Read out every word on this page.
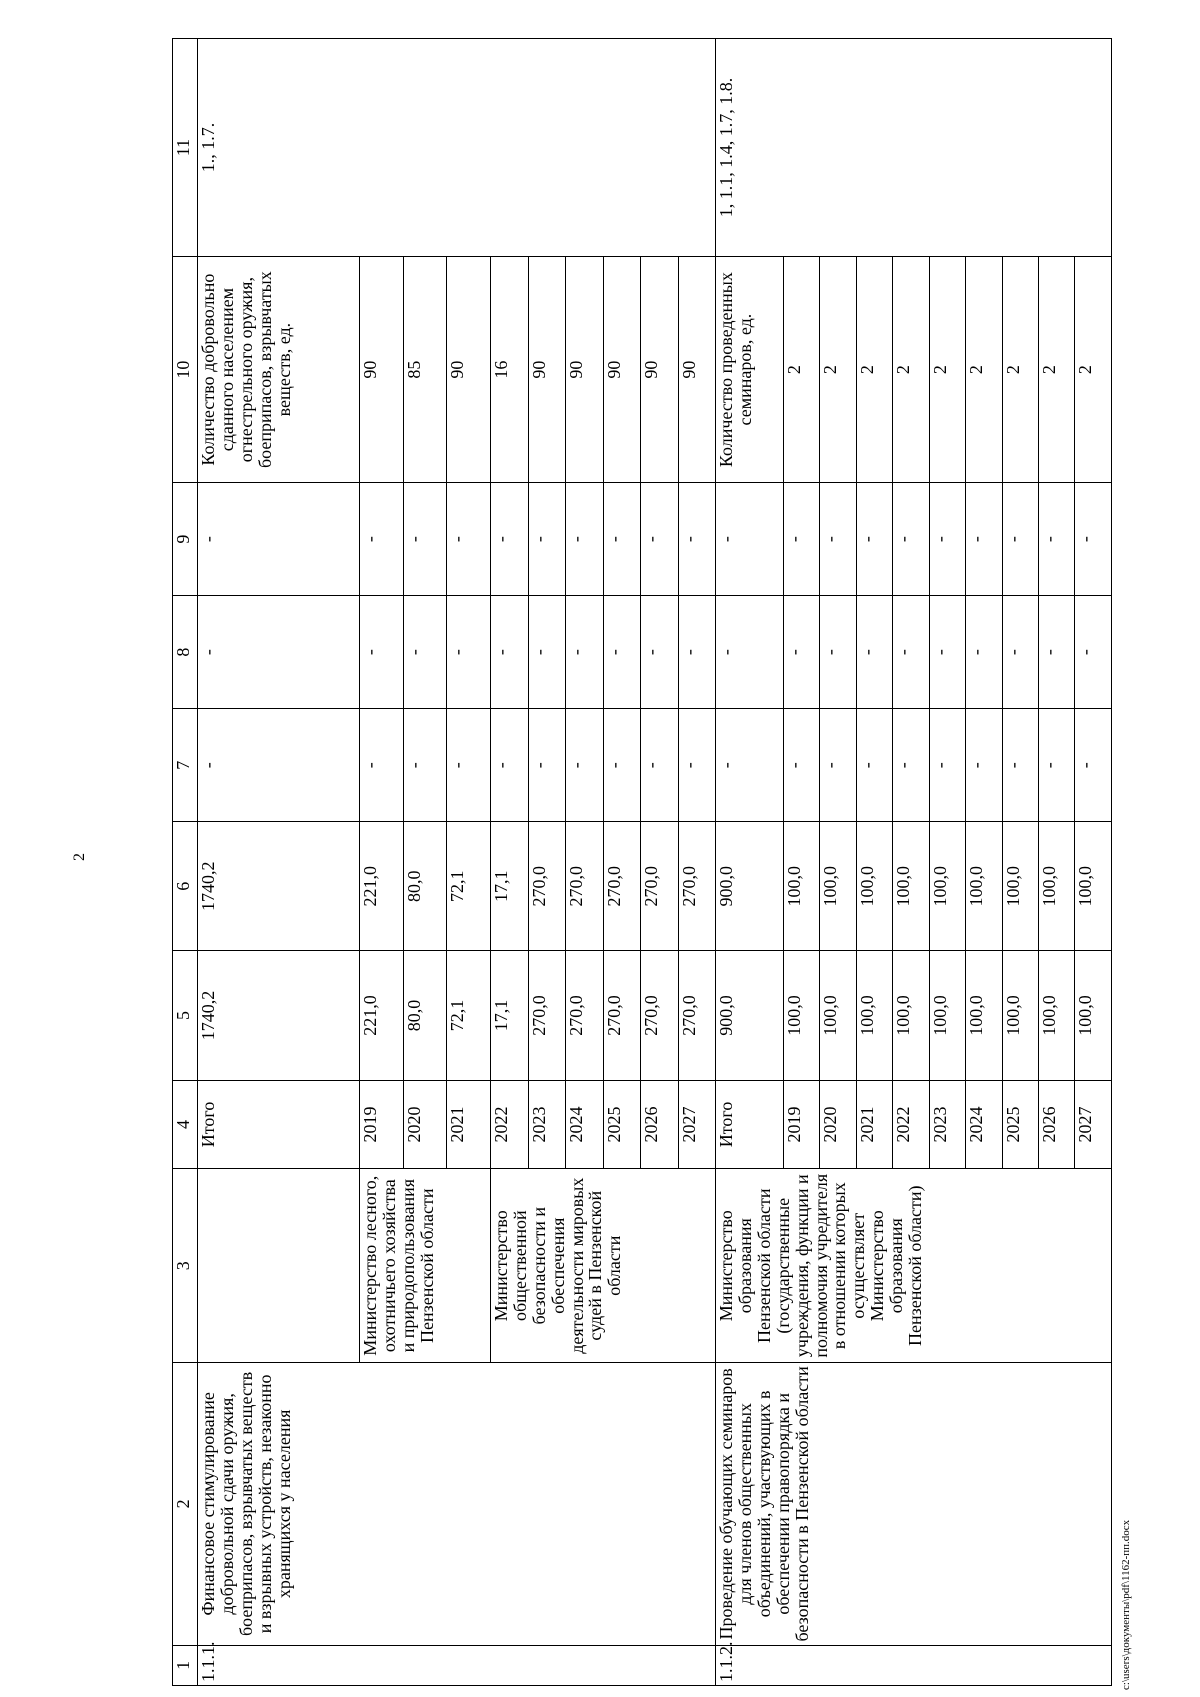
2
1	2	3	4	5	6	7	8	9	10	11
1.1.1.	Финансовое стимулирование добровольной сдачи оружия, боеприпасов, взрывчатых веществ и взрывных устройств, незаконно хранящихся у населения		Итого	1740,2	1740,2	-	-	-	Количество добровольно сданного населением огнестрельного оружия, боеприпасов, взрывчатых веществ, ед.	1., 1.7.
		Министерство лесного, охотничьего хозяйства и природопользования Пензенской области	2019	221,0	221,0	-	-	-	90	
			2020	80,0	80,0	-	-	-	85	
			2021	72,1	72,1	-	-	-	90	
		Министерство общественной безопасности и обеспечения деятельности мировых судей в Пензенской области	2022	17,1	17,1	-	-	-	16	
			2023	270,0	270,0	-	-	-	90	
			2024	270,0	270,0	-	-	-	90	
			2025	270,0	270,0	-	-	-	90	
			2026	270,0	270,0	-	-	-	90	
			2027	270,0	270,0	-	-	-	90	
1.1.2.	Проведение обучающих семинаров для членов общественных объединений, участвующих в обеспечении правопорядка и безопасности в Пензенской области	Министерство образования Пензенской области (государственные учреждения, функции и полномочия учредителя в отношении которых осуществляет Министерство образования Пензенской области)	Итого	900,0	900,0	-	-	-	Количество проведенных семинаров, ед.	1, 1.1, 1.4, 1.7, 1.8.
			2019	100,0	100,0	-	-	-	2	
			2020	100,0	100,0	-	-	-	2	
			2021	100,0	100,0	-	-	-	2	
			2022	100,0	100,0	-	-	-	2	
			2023	100,0	100,0	-	-	-	2	
			2024	100,0	100,0	-	-	-	2	
			2025	100,0	100,0	-	-	-	2	
			2026	100,0	100,0	-	-	-	2	
			2027	100,0	100,0	-	-	-	2	
c:\users\документы\pdf\1162-пп.docx
